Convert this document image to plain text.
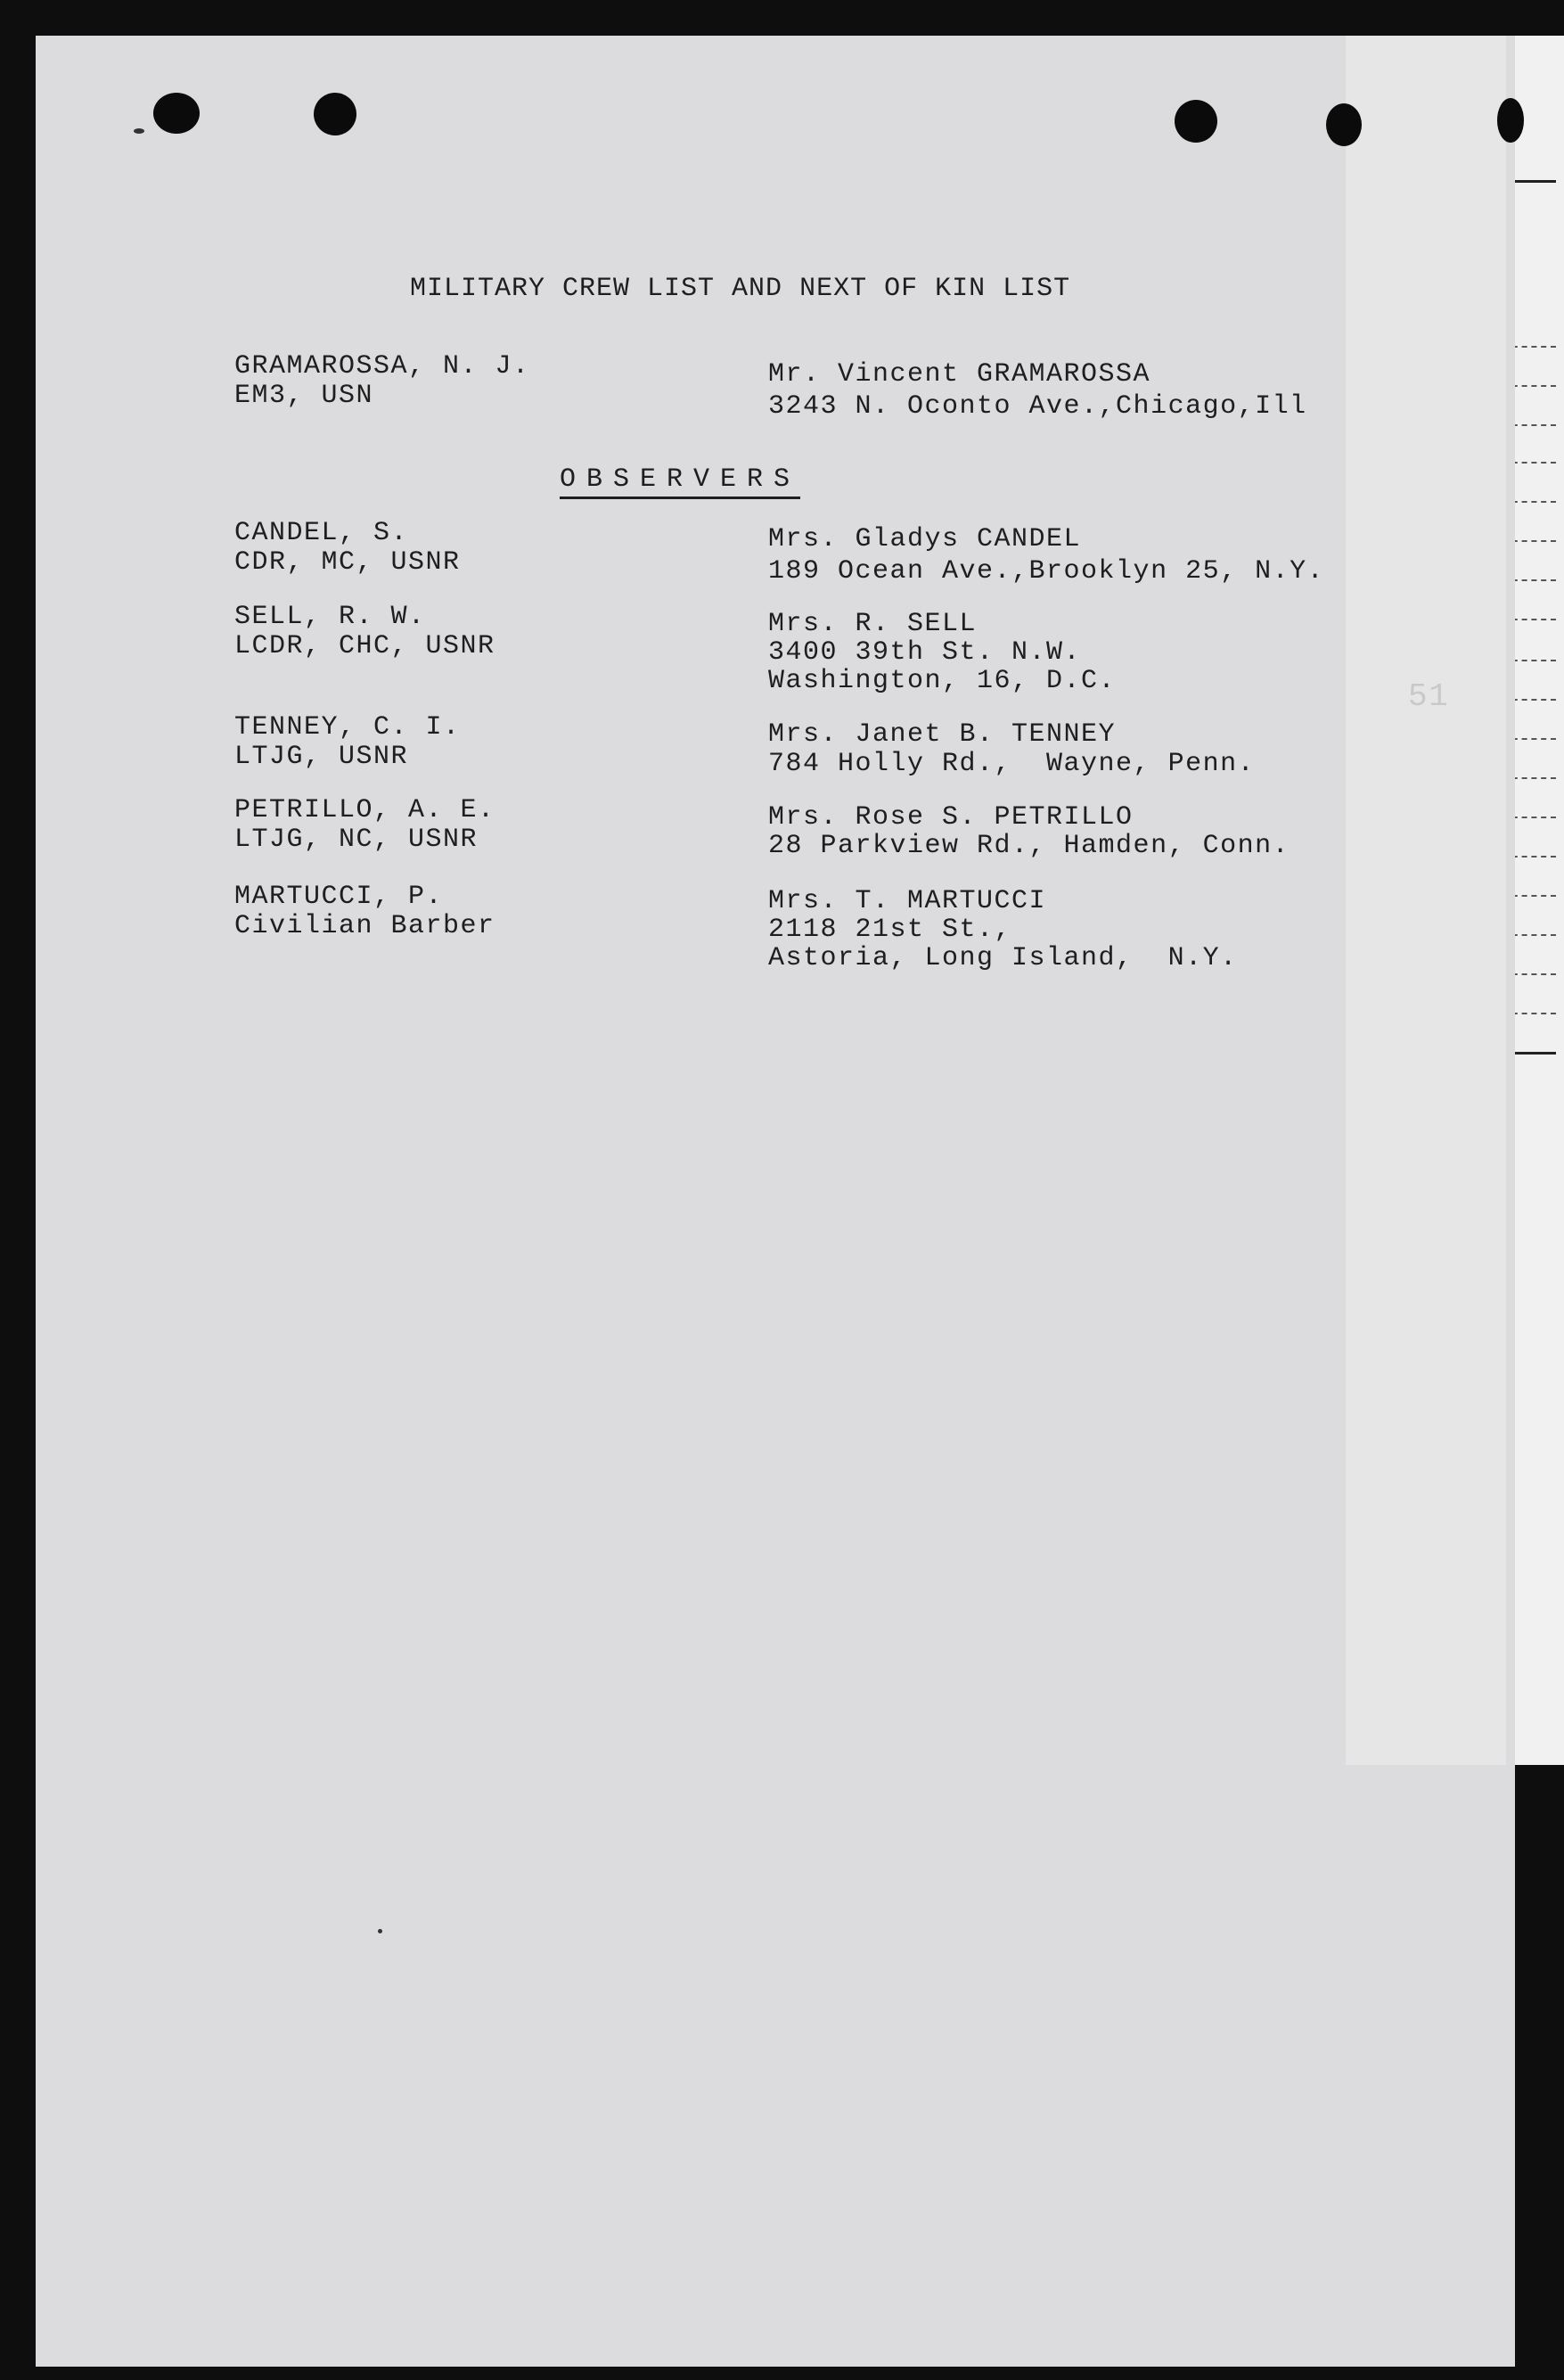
MILITARY CREW LIST AND NEXT OF KIN LIST
GRAMAROSSA, N. J.
EM3, USN
Mr. Vincent GRAMAROSSA
3243 N. Oconto Ave.,Chicago,Ill
OBSERVERS
CANDEL, S.
CDR, MC, USNR
Mrs. Gladys CANDEL
189 Ocean Ave.,Brooklyn 25, N.Y.
SELL, R. W.
LCDR, CHC, USNR
Mrs. R. SELL
3400 39th St. N.W.
Washington, 16, D.C.
TENNEY, C. I.
LTJG, USNR
Mrs. Janet B. TENNEY
784 Holly Rd.,  Wayne, Penn.
PETRILLO, A. E.
LTJG, NC, USNR
Mrs. Rose S. PETRILLO
28 Parkview Rd., Hamden, Conn.
MARTUCCI, P.
Civilian Barber
Mrs. T. MARTUCCI
2118 21st St.,
Astoria, Long Island,  N.Y.
51
